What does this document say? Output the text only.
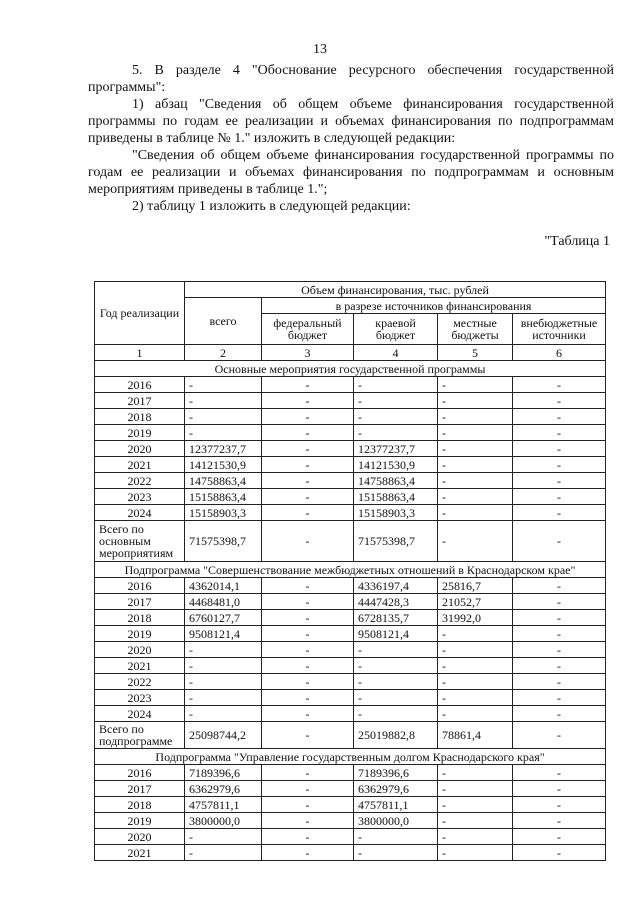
13

5. В разделе 4 "Обоснование ресурсного обеспечения государственной программы":

1) абзац "Сведения об общем объеме финансирования государственной программы по годам ее реализации и объемах финансирования по подпрограммам приведены в таблице № 1." изложить в следующей редакции:

"Сведения об общем объеме финансирования государственной программы по годам ее реализации и объемах финансирования по подпрограммам и основным мероприятиям приведены в таблице 1.";

2) таблицу 1 изложить в следующей редакции:

"Таблица 1
Год реализации	Объем финансирования, тыс. рублей				
	всего	в разрезе источников финансирования			
		федеральный бюджет	краевой бюджет	местные бюджеты	внебюджетные источники
1	2	3	4	5	6
Основные мероприятия государственной программы					
2016	-	-	-	-	-
2017	-	-	-	-	-
2018	-	-	-	-	-
2019	-	-	-	-	-
2020	12377237,7	-	12377237,7	-	-
2021	14121530,9	-	14121530,9	-	-
2022	14758863,4	-	14758863,4	-	-
2023	15158863,4	-	15158863,4	-	-
2024	15158903,3	-	15158903,3	-	-
Всего по основным мероприятиям	71575398,7	-	71575398,7	-	-
Подпрограмма "Совершенствование межбюджетных отношений в Краснодарском крае"					
2016	4362014,1	-	4336197,4	25816,7	-
2017	4468481,0	-	4447428,3	21052,7	-
2018	6760127,7	-	6728135,7	31992,0	-
2019	9508121,4	-	9508121,4	-	-
2020	-	-	-	-	-
2021	-	-	-	-	-
2022	-	-	-	-	-
2023	-	-	-	-	-
2024	-	-	-	-	-
Всего по подпрограмме	25098744,2	-	25019882,8	78861,4	-
Подпрограмма "Управление государственным долгом Краснодарского края"					
2016	7189396,6	-	7189396,6	-	-
2017	6362979,6	-	6362979,6	-	-
2018	4757811,1	-	4757811,1	-	-
2019	3800000,0	-	3800000,0	-	-
2020	-	-	-	-	-
2021	-	-	-	-	-
